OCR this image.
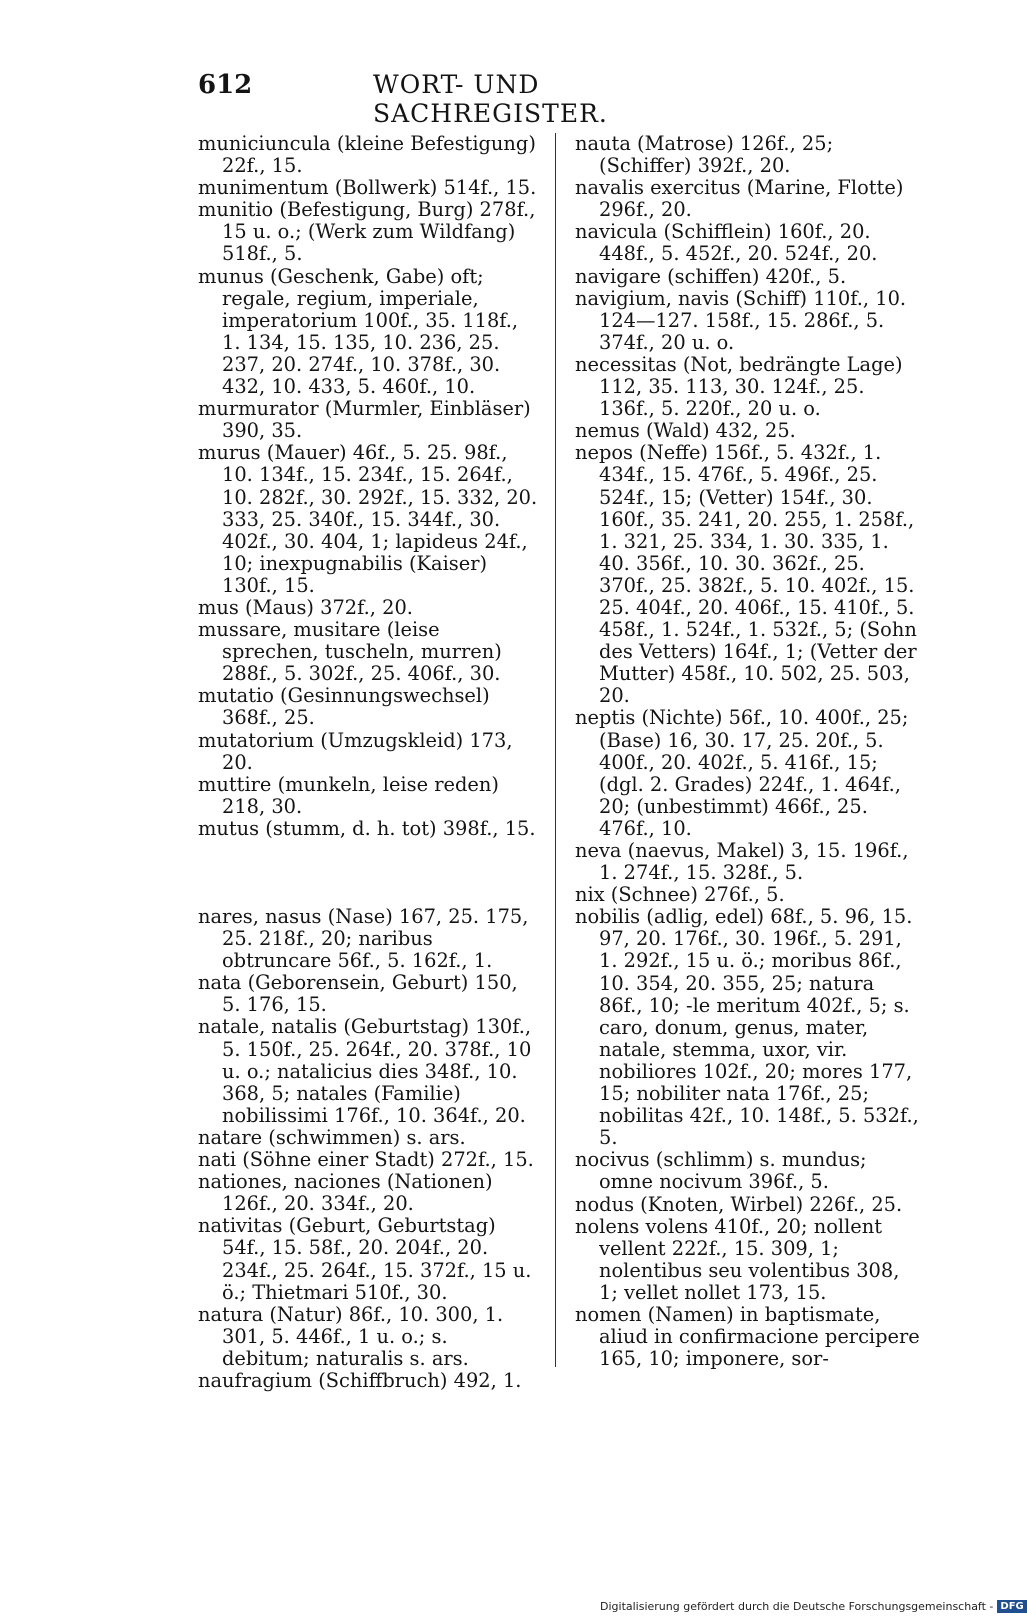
612	WORT- UND SACHREGISTER.
municiuncula (kleine Befestigung) 22f., 15.
munimentum (Bollwerk) 514f., 15.
munitio (Befestigung, Burg) 278f., 15 u. o.; (Werk zum Wildfang) 518f., 5.
munus (Geschenk, Gabe) oft; regale, regium, imperiale, imperatorium 100f., 35. 118f., 1. 134, 15. 135, 10. 236, 25. 237, 20. 274f., 10. 378f., 30. 432, 10. 433, 5. 460f., 10.
murmurator (Murmler, Einbläser) 390, 35.
murus (Mauer) 46f., 5. 25. 98f., 10. 134f., 15. 234f., 15. 264f., 10. 282f., 30. 292f., 15. 332, 20. 333, 25. 340f., 15. 344f., 30. 402f., 30. 404, 1; lapideus 24f., 10; inexpugnabilis (Kaiser) 130f., 15.
mus (Maus) 372f., 20.
mussare, musitare (leise sprechen, tuscheln, murren) 288f., 5. 302f., 25. 406f., 30.
mutatio (Gesinnungswechsel) 368f., 25.
mutatorium (Umzugskleid) 173, 20.
muttire (munkeln, leise reden) 218, 30.
mutus (stumm, d. h. tot) 398f., 15.
nares, nasus (Nase) 167, 25. 175, 25. 218f., 20; naribus obtruncare 56f., 5. 162f., 1.
nata (Geborensein, Geburt) 150, 5. 176, 15.
natale, natalis (Geburtstag) 130f., 5. 150f., 25. 264f., 20. 378f., 10 u. o.; natalicius dies 348f., 10. 368, 5; natales (Familie) nobilissimi 176f., 10. 364f., 20.
natare (schwimmen) s. ars.
nati (Söhne einer Stadt) 272f., 15.
nationes, naciones (Nationen) 126f., 20. 334f., 20.
nativitas (Geburt, Geburtstag) 54f., 15. 58f., 20. 204f., 20. 234f., 25. 264f., 15. 372f., 15 u. ö.; Thietmari 510f., 30.
natura (Natur) 86f., 10. 300, 1. 301, 5. 446f., 1 u. o.; s. debitum; naturalis s. ars.
naufragium (Schiffbruch) 492, 1.
nauta (Matrose) 126f., 25; (Schiffer) 392f., 20.
navalis exercitus (Marine, Flotte) 296f., 20.
navicula (Schifflein) 160f., 20. 448f., 5. 452f., 20. 524f., 20.
navigare (schiffen) 420f., 5.
navigium, navis (Schiff) 110f., 10. 124—127. 158f., 15. 286f., 5. 374f., 20 u. o.
necessitas (Not, bedrängte Lage) 112, 35. 113, 30. 124f., 25. 136f., 5. 220f., 20 u. o.
nemus (Wald) 432, 25.
nepos (Neffe) 156f., 5. 432f., 1. 434f., 15. 476f., 5. 496f., 25. 524f., 15; (Vetter) 154f., 30. 160f., 35. 241, 20. 255, 1. 258f., 1. 321, 25. 334, 1. 30. 335, 1. 40. 356f., 10. 30. 362f., 25. 370f., 25. 382f., 5. 10. 402f., 15. 25. 404f., 20. 406f., 15. 410f., 5. 458f., 1. 524f., 1. 532f., 5; (Sohn des Vetters) 164f., 1; (Vetter der Mutter) 458f., 10. 502, 25. 503, 20.
neptis (Nichte) 56f., 10. 400f., 25; (Base) 16, 30. 17, 25. 20f., 5. 400f., 20. 402f., 5. 416f., 15; (dgl. 2. Grades) 224f., 1. 464f., 20; (unbestimmt) 466f., 25. 476f., 10.
neva (naevus, Makel) 3, 15. 196f., 1. 274f., 15. 328f., 5.
nix (Schnee) 276f., 5.
nobilis (adlig, edel) 68f., 5. 96, 15. 97, 20. 176f., 30. 196f., 5. 291, 1. 292f., 15 u. ö.; moribus 86f., 10. 354, 20. 355, 25; natura 86f., 10; -le meritum 402f., 5; s. caro, donum, genus, mater, natale, stemma, uxor, vir. nobiliores 102f., 20; mores 177, 15; nobiliter nata 176f., 25; nobilitas 42f., 10. 148f., 5. 532f., 5.
nocivus (schlimm) s. mundus; omne nocivum 396f., 5.
nodus (Knoten, Wirbel) 226f., 25.
nolens volens 410f., 20; nollent vellent 222f., 15. 309, 1; nolentibus seu volentibus 308, 1; vellet nollet 173, 15.
nomen (Namen) in baptismate, aliud in confirmacione percipere 165, 10; imponere, sor-
Digitalisierung gefördert durch die Deutsche Forschungsgemeinschaft - DFG
